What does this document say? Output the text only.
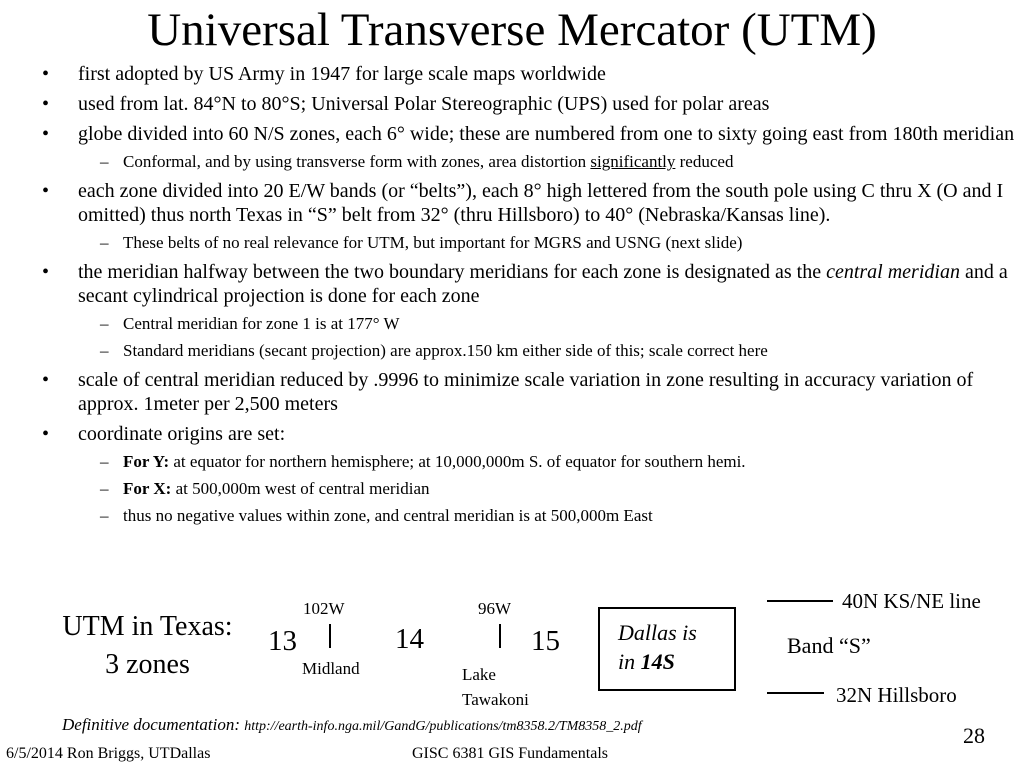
Universal Transverse Mercator (UTM)
• first adopted by US Army in 1947 for large scale maps worldwide
• used from lat. 84°N to 80°S; Universal Polar Stereographic (UPS) used for polar areas
• globe divided into 60 N/S zones, each 6° wide; these are numbered from one to sixty going east from 180th meridian
– Conformal, and by using transverse form with zones, area distortion significantly reduced
• each zone divided into 20 E/W bands (or “belts”), each 8° high lettered from the south pole using C thru X (O and I omitted) thus north Texas in “S” belt from 32° (thru Hillsboro) to 40° (Nebraska/Kansas line).
– These belts of no real relevance for UTM, but important for MGRS and USNG (next slide)
• the meridian halfway between the two boundary meridians for each zone is designated as the central meridian and a secant cylindrical projection is done for each zone
– Central meridian for zone 1 is at 177° W
– Standard meridians (secant projection) are approx.150 km either side of this; scale correct here
• scale of central meridian reduced by .9996 to minimize scale variation in zone resulting in accuracy variation of approx. 1meter per 2,500 meters
• coordinate origins are set:
– For Y: at equator for northern hemisphere; at 10,000,000m S. of equator for southern hemi.
– For X: at 500,000m west of central meridian
– thus no negative values within zone, and central meridian is at 500,000m East
UTM in Texas:
3 zones
102W	96W
13	14	15
Midland	Lake
Tawakoni
Dallas is
in 14S
40N KS/NE line
Band “S”
32N Hillsboro
Definitive documentation: http://earth-info.nga.mil/GandG/publications/tm8358.2/TM8358_2.pdf	28
6/5/2014 Ron Briggs, UTDallas	GISC 6381 GIS Fundamentals
